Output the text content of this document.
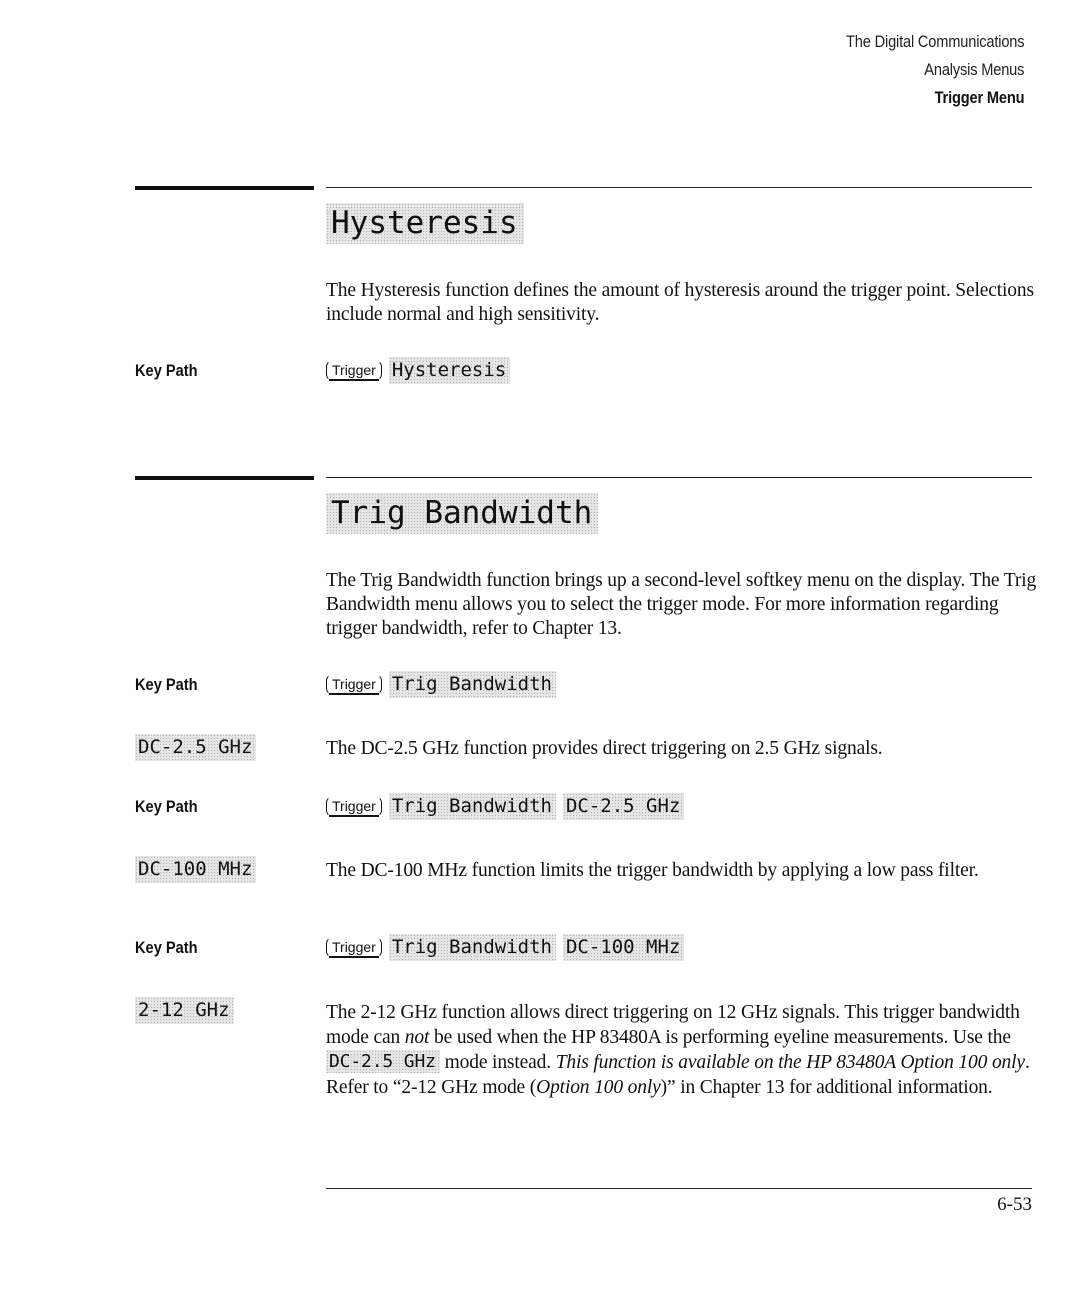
The Digital Communications
Analysis Menus
Trigger Menu
Hysteresis
The Hysteresis function defines the amount of hysteresis around the trigger point. Selections include normal and high sensitivity.
Key Path	Trigger Hysteresis
Trig Bandwidth
The Trig Bandwidth function brings up a second-level softkey menu on the display. The Trig Bandwidth menu allows you to select the trigger mode. For more information regarding trigger bandwidth, refer to Chapter 13.
Key Path	Trigger Trig Bandwidth
DC-2.5 GHz	The DC-2.5 GHz function provides direct triggering on 2.5 GHz signals.
Key Path	Trigger Trig Bandwidth DC-2.5 GHz
DC-100 MHz	The DC-100 MHz function limits the trigger bandwidth by applying a low pass filter.
Key Path	Trigger Trig Bandwidth DC-100 MHz
2-12 GHz	The 2-12 GHz function allows direct triggering on 12 GHz signals. This trigger bandwidth mode can not be used when the HP 83480A is performing eyeline measurements. Use the DC-2.5 GHz mode instead. This function is available on the HP 83480A Option 100 only. Refer to “2-12 GHz mode (Option 100 only)” in Chapter 13 for additional information.
6-53
